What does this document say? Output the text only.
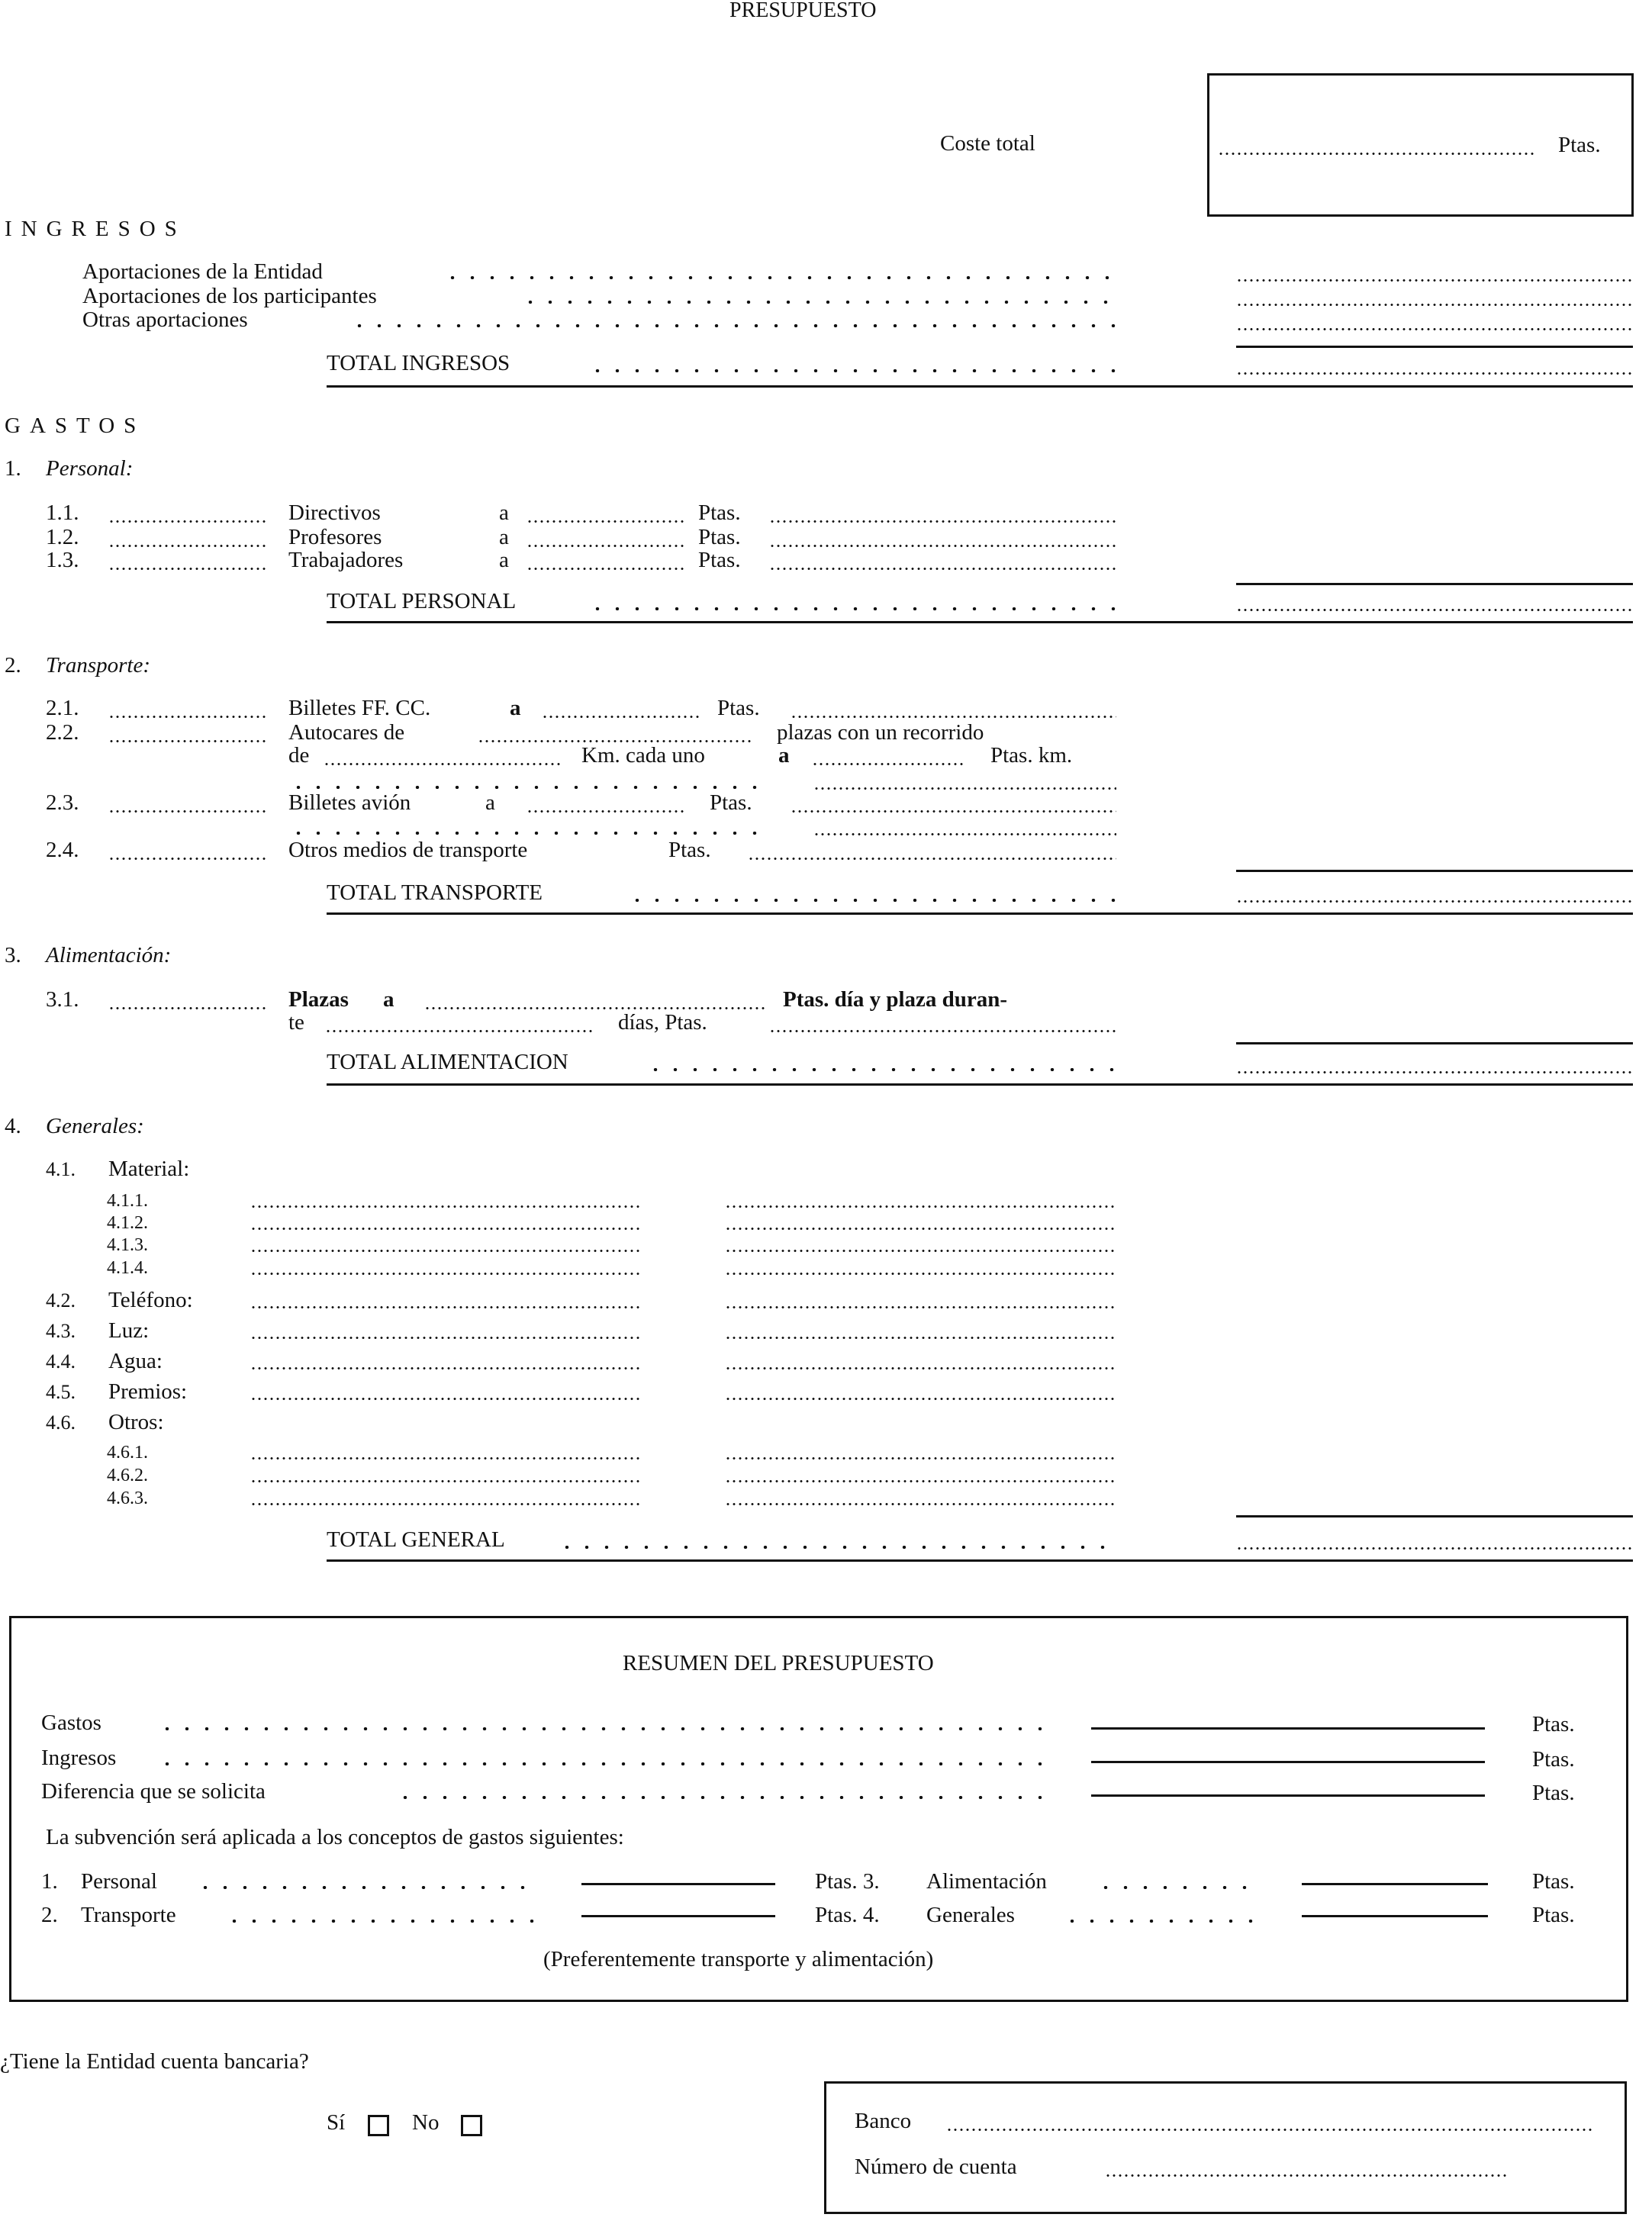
PRESUPUESTO
Coste total	Ptas.
INGRESOS
Aportaciones de la Entidad
Aportaciones de los participantes
Otras aportaciones
TOTAL INGRESOS
GASTOS
1. Personal:
1.1.	Directivos	a	Ptas.
1.2.	Profesores	a	Ptas.
1.3.	Trabajadores	a	Ptas.
TOTAL PERSONAL
2. Transporte:
2.1.	Billetes FF. CC.	a	Ptas.
2.2.	Autocares de	plazas con un recorrido
de	Km. cada uno	a	Ptas. km.
2.3.	Billetes avión	a	Ptas.
2.4.	Otros medios de transporte	Ptas.
TOTAL TRANSPORTE
3. Alimentación:
3.1.	Plazas a	Ptas. día y plaza duran-
te	días, Ptas.
TOTAL ALIMENTACION
4. Generales:
4.1. Material:
4.1.1.
4.1.2.
4.1.3.
4.1.4.
4.2. Teléfono:
4.3. Luz:
4.4. Agua:
4.5. Premios:
4.6. Otros:
4.6.1.
4.6.2.
4.6.3.
TOTAL GENERAL
RESUMEN DEL PRESUPUESTO
Gastos	Ptas.
Ingresos	Ptas.
Diferencia que se solicita	Ptas.
La subvención será aplicada a los conceptos de gastos siguientes:
1. Personal	Ptas. 3. Alimentación	Ptas.
2. Transporte	Ptas. 4. Generales	Ptas.
(Preferentemente transporte y alimentación)
¿Tiene la Entidad cuenta bancaria?
Sí	No	Banco
Número de cuenta
